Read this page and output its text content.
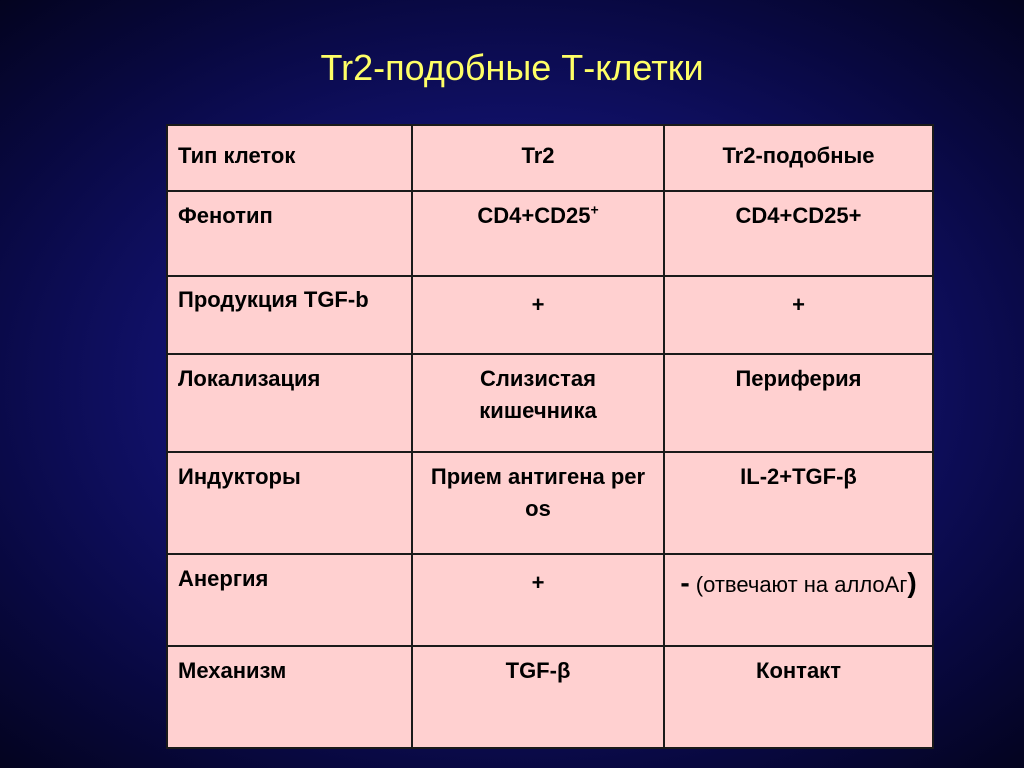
Tr2-подобные Т-клетки
Тип клеток	Tr2	Tr2-подобные
Фенотип	CD4+CD25+	CD4+CD25+
Продукция TGF-b	+	+
Локализация	Слизистая кишечника	Периферия
Индукторы	Прием антигена per os	IL-2+TGF-β
Анергия	+	- (отвечают на аллоАг)
Механизм	TGF-β	Контакт
